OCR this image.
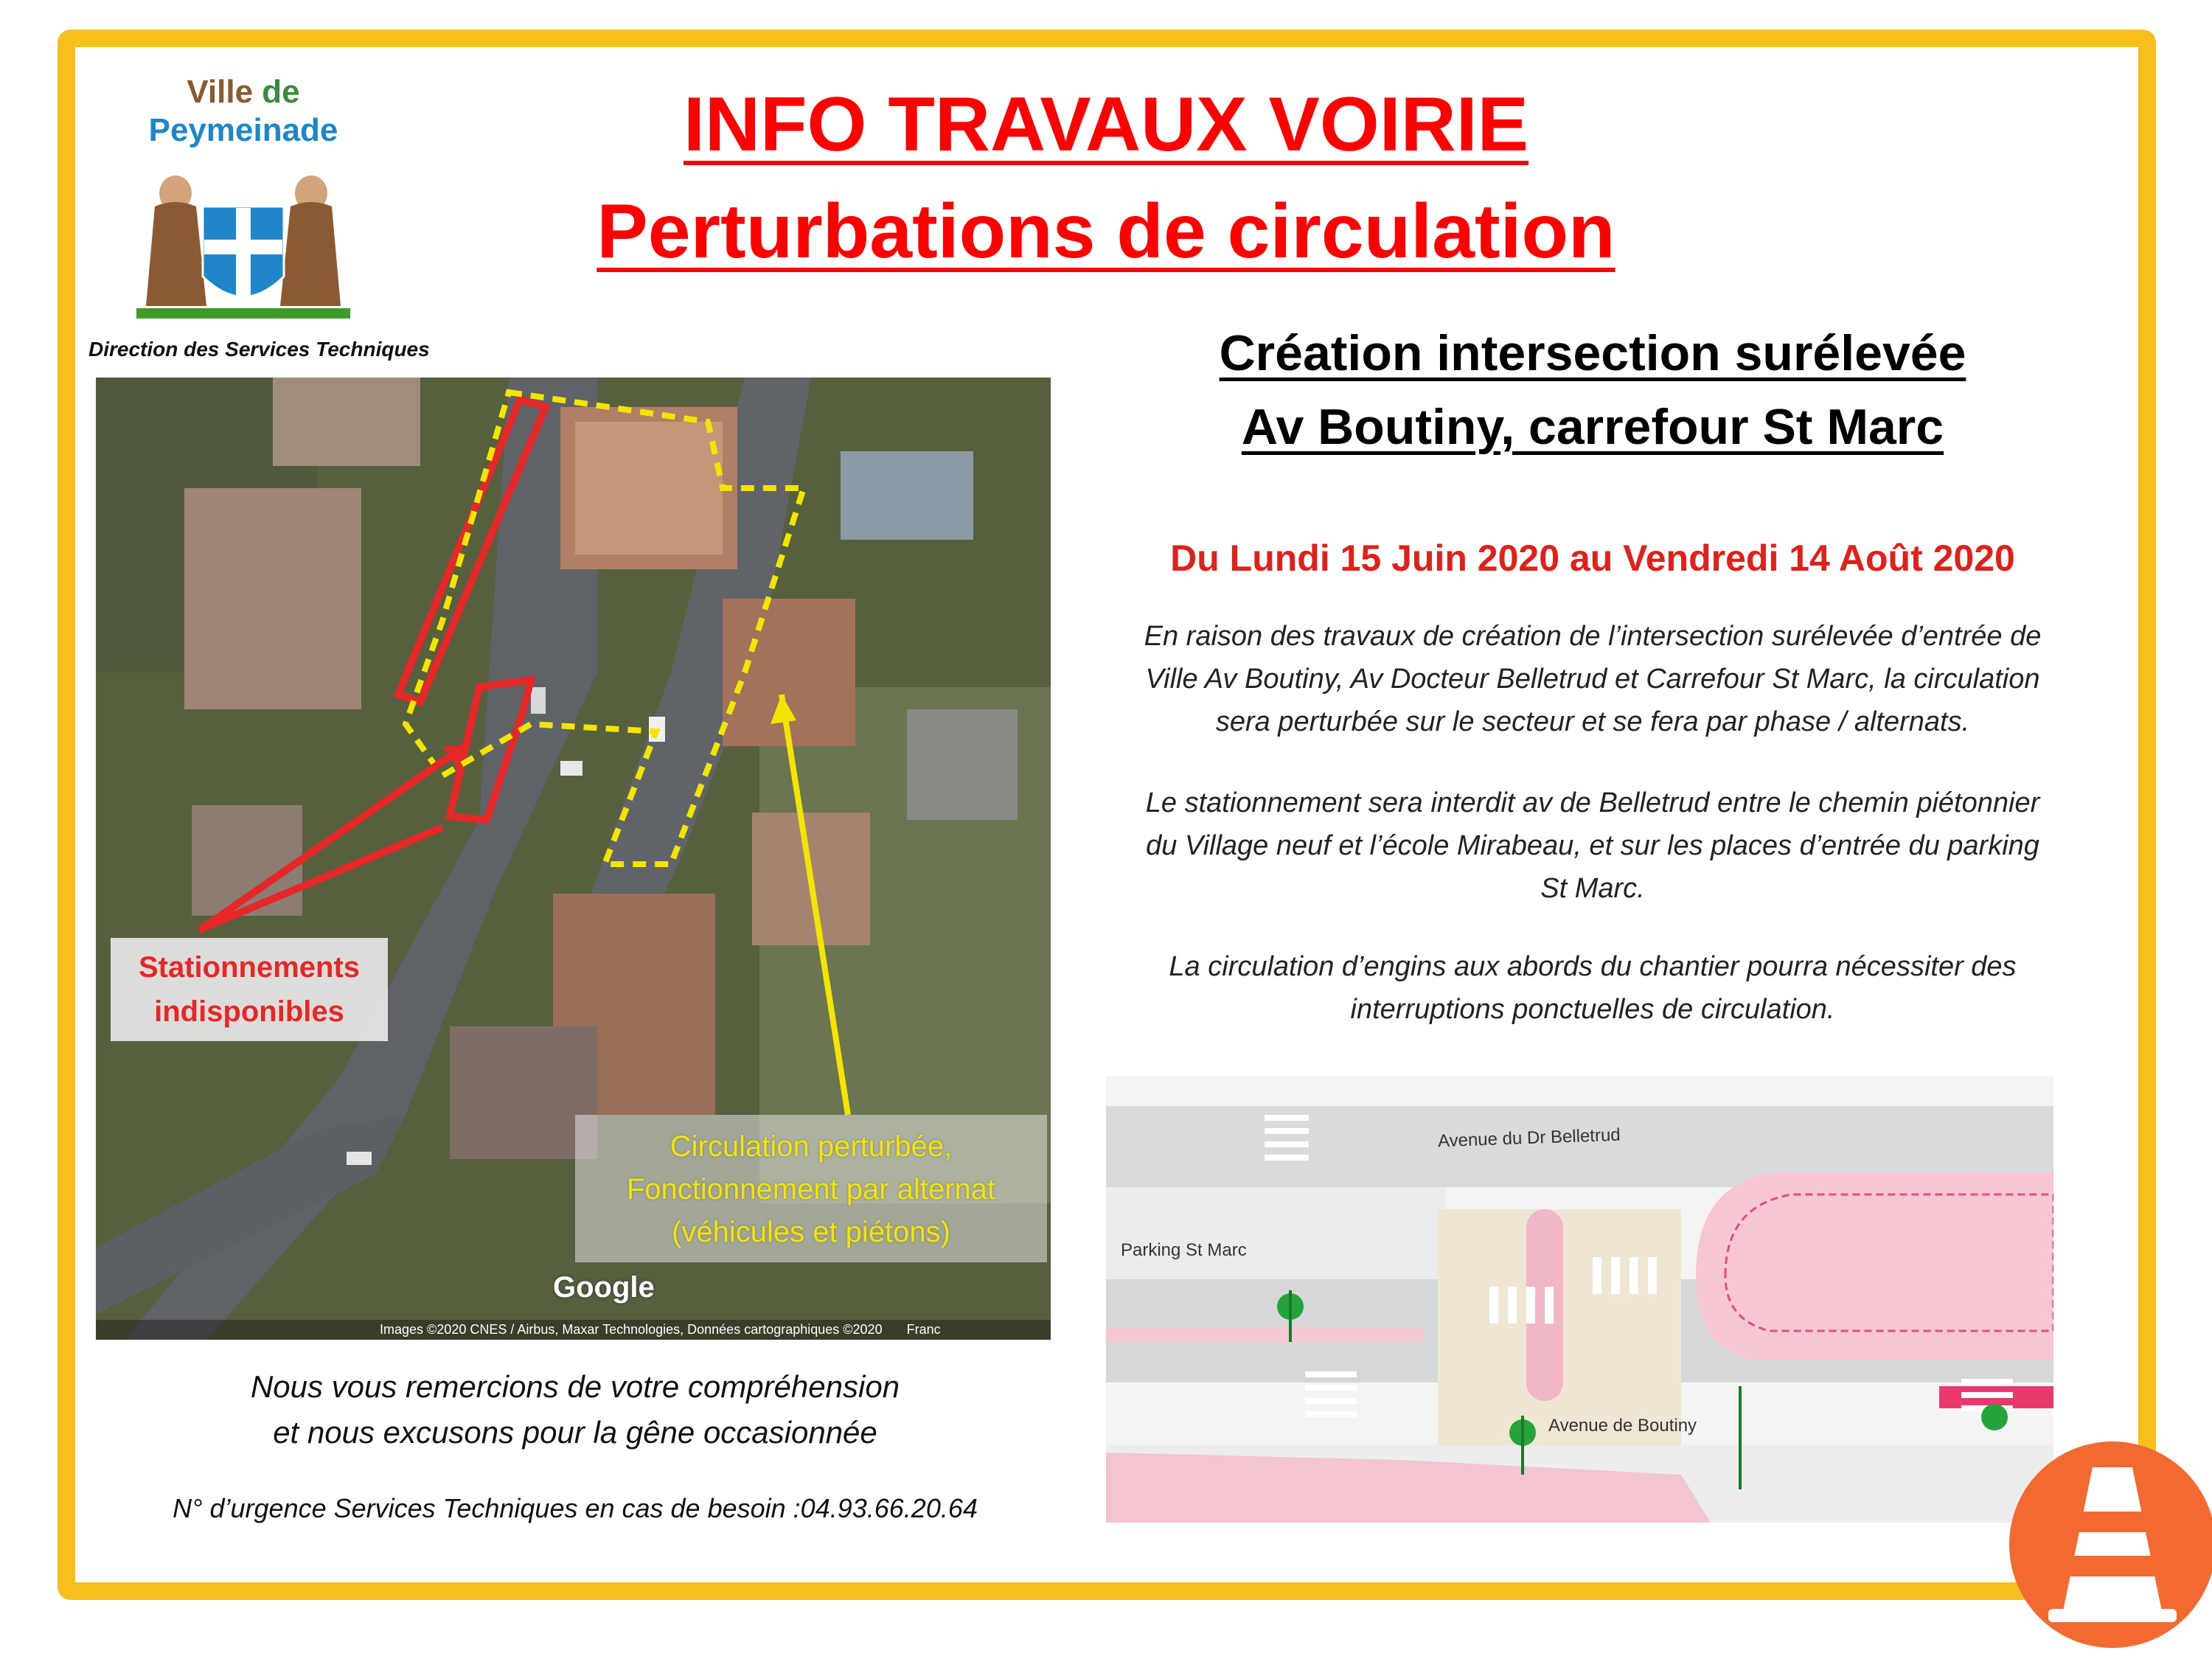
Ville de
Peymeinade
Direction des Services Techniques
INFO TRAVAUX VOIRIE
Perturbations de circulation
Création intersection surélevée
Av Boutiny, carrefour St Marc
Du Lundi 15 Juin 2020 au Vendredi 14 Août 2020
En raison des travaux de création de l’intersection surélevée d’entrée de
Ville Av Boutiny, Av Docteur Belletrud et Carrefour St Marc, la circulation
sera perturbée sur le secteur et se fera par phase / alternats.
Le stationnement sera interdit av de Belletrud entre le chemin piétonnier
du Village neuf et l’école Mirabeau, et sur les places d’entrée du parking
St Marc.
La circulation d’engins aux abords du chantier pourra nécessiter des
interruptions ponctuelles de circulation.
Stationnements
indisponibles
Circulation perturbée,
Fonctionnement par alternat
(véhicules et piétons)
Google
Images ©2020 CNES / Airbus, Maxar Technologies, Données cartographiques ©2020 Franc
Nous vous remercions de votre compréhension
et nous excusons pour la gêne occasionnée
N° d’urgence Services Techniques en cas de besoin :04.93.66.20.64
Avenue du Dr Belletrud
Parking St Marc
Avenue de Boutiny
